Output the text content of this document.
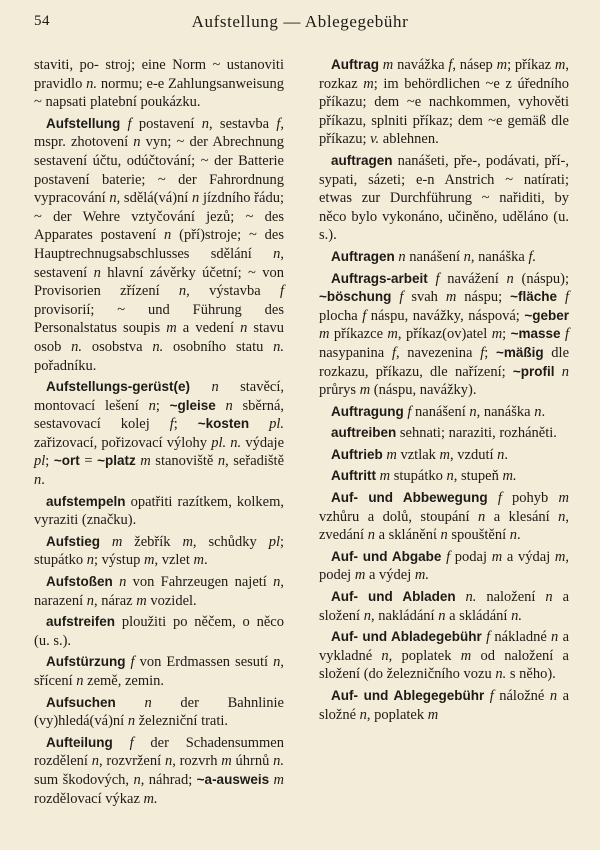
54	Aufstellung — Ablegegebühr

staviti, po- stroj; eine Norm ~ ustanoviti pravidlo n. normu; e-e Zahlungsanweisung ~ napsati platební poukázku.

Aufstellung f postavení n, sestavba f, mspr. zhotovení n vyn; ~ der Abrechnung sestavení účtu, odúčtování; ~ der Batterie postavení baterie; ~ der Fahrordnung vypracování n, sdělá(vá)ní n jízdního řádu; ~ der Wehre vztyčování jezů; ~ des Apparates postavení n (pří)stroje; ~ des Hauptrechnugsabschlusses sdělání n, sestavení n hlavní závěrky účetní; ~ von Provisorien zřízení n, výstavba f provisorií; ~ und Führung des Personalstatus soupis m a vedení n stavu osob n. osobstva n. osobního statu n. pořadníku.

Aufstellungs-gerüst(e) n stavěcí, montovací lešení n; ~gleise n sběrná, sestavovací kolej f; ~kosten pl. zařizovací, pořizovací výlohy pl. n. výdaje pl; ~ort = ~platz m stanoviště n, seřadiště n.

aufstempeln opatřiti razítkem, kolkem, vyraziti (značku).

Aufstieg m žebřík m, schůdky pl; stupátko n; výstup m, vzlet m.

Aufstoßen n von Fahrzeugen najetí n, narazení n, náraz m vozidel.

aufstreifen ploužiti po něčem, o něco (u. s.).

Aufstürzung f von Erdmassen sesutí n, sřícení n země, zemin.

Aufsuchen n der Bahnlinie (vy)hledá(vá)ní n železniční trati.

Aufteilung f der Schadensummen rozdělení n, rozvržení n, rozvrh m úhrnů n. sum škodových, n, náhrad; ~a-ausweis m rozdělovací výkaz m.

Auftrag m navážka f, násep m; příkaz m, rozkaz m; im behördlichen ~e z úředního příkazu; dem ~e nachkommen, vyhověti příkazu, splniti příkaz; dem ~e gemäß dle příkazu; v. ablehnen.

auftragen nanášeti, pře-, podávati, pří-, sypati, sázeti; e-n Anstrich ~ natírati; etwas zur Durchführung ~ nařiditi, by něco bylo vykonáno, učiněno, uděláno (u. s.).

Auftragen n nanášení n, nanáška f.

Auftrags-arbeit f navážení n (náspu); ~böschung f svah m náspu; ~fläche f plocha f náspu, navážky, náspová; ~geber m příkazce m, příkaz(ov)atel m; ~masse f nasypanina f, navezenina f; ~mäßig dle rozkazu, příkazu, dle nařízení; ~profil n průrys m (náspu, navážky).

Auftragung f nanášení n, nanáška n.

auftreiben sehnati; naraziti, rozháněti.

Auftrieb m vztlak m, vzdutí n.

Auftritt m stupátko n, stupeň m.

Auf- und Abbewegung f pohyb m vzhůru a dolů, stoupání n a klesání n, zvedání n a skláněnί n spouštění n.

Auf- und Abgabe f podaj m a výdaj m, podej m a výdej m.

Auf- und Abladen n. naložení n a složení n, nakládání n a skládání n.

Auf- und Abladegebühr f nákladné n a vykladné n, poplatek m od naložení a složení (do železničního vozu n. s něho).

Auf- und Ablegegebühr f náložné n a složné n, poplatek m
